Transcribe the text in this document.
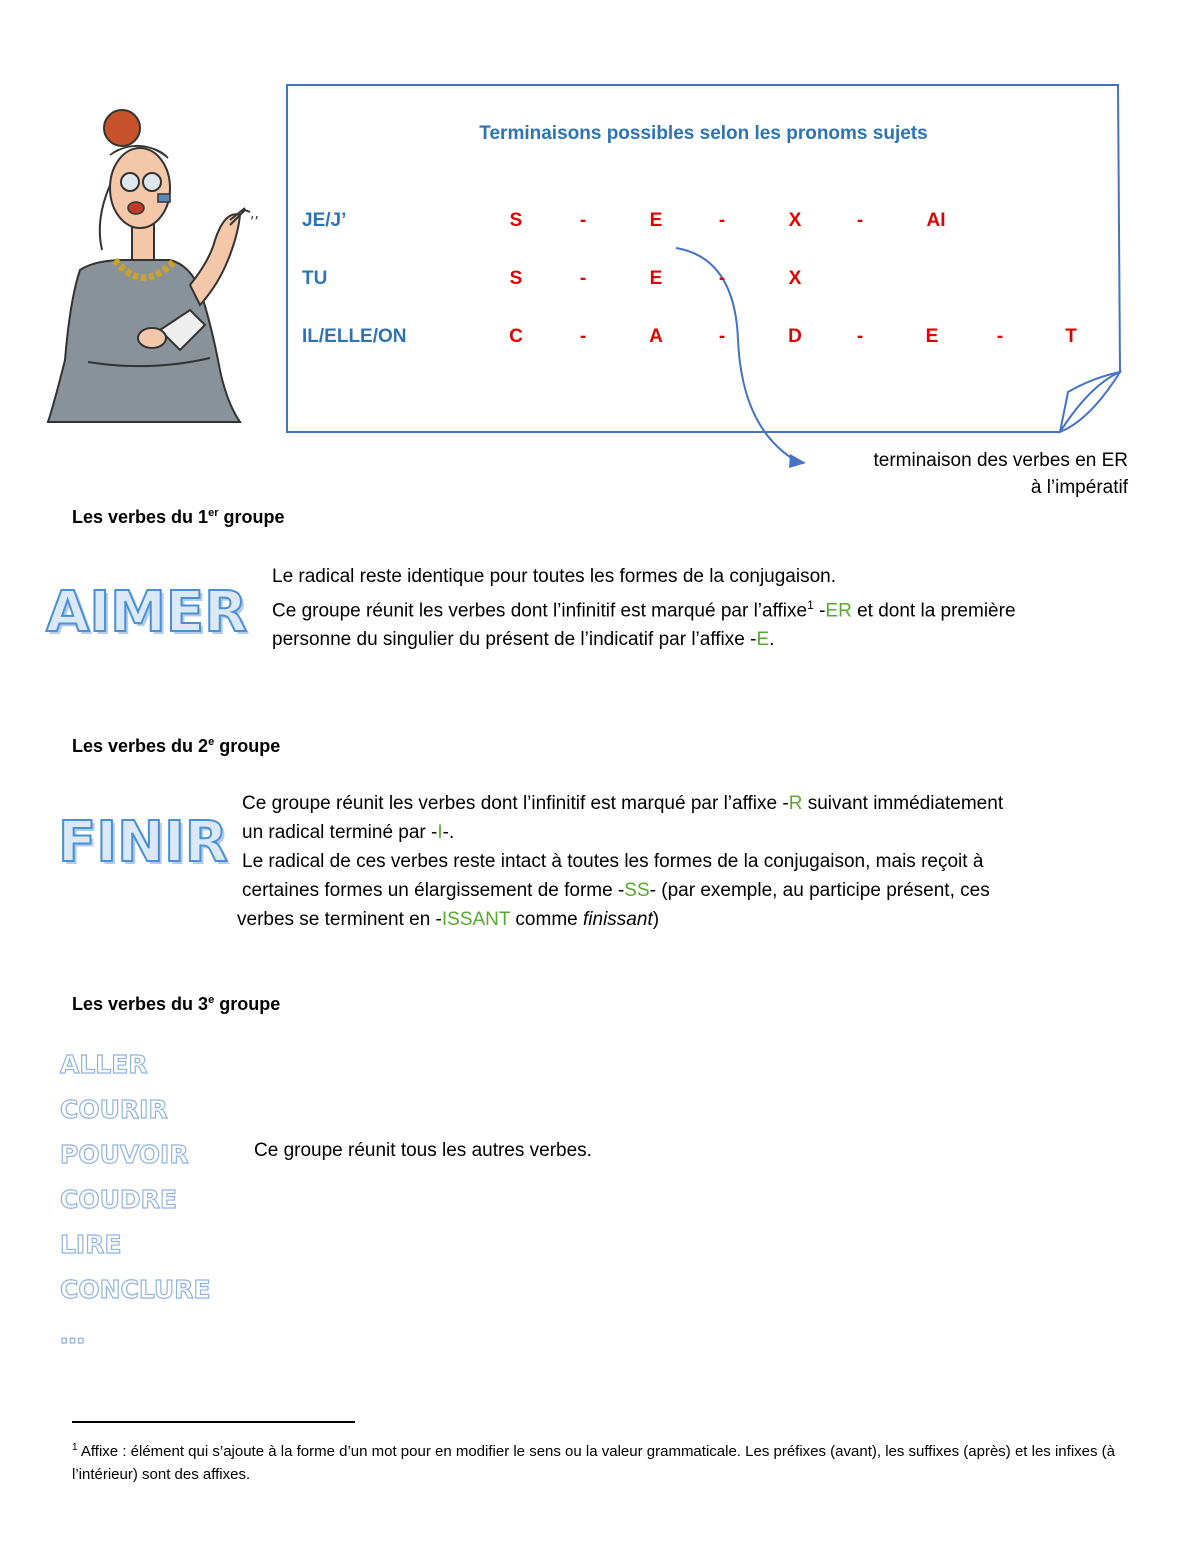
,,
Terminaisons possibles selon les pronoms sujets
JE/J’	S	-	E	-	X	-	AI
TU	S	-	E	-	X
IL/ELLE/ON	C	-	A	-	D	-	E	-	T
terminaison des verbes en ER
à l’impératif
Les verbes du 1er groupe
AIMER
Le radical reste identique pour toutes les formes de la conjugaison.
Ce groupe réunit les verbes dont l’infinitif est marqué par l’affixe$^1$ -ER et dont la première
personne du singulier du présent de l’indicatif par l’affixe -E.
Les verbes du 2e groupe
FINIR
Ce groupe réunit les verbes dont l’infinitif est marqué par l’affixe -R suivant immédiatement
un radical terminé par -I-.
Le radical de ces verbes reste intact à toutes les formes de la conjugaison, mais reçoit à
certaines formes un élargissement de forme -SS- (par exemple, au participe présent, ces
verbes se terminent en -ISSANT comme finissant)
Les verbes du 3e groupe
ALLER
COURIR
POUVOIR
COUDRE
LIRE
CONCLURE
…
Ce groupe réunit tous les autres verbes.
$^1$ Affixe : élément qui s’ajoute à la forme d’un mot pour en modifier le sens ou la valeur grammaticale. Les préfixes (avant), les suffixes (après) et les infixes (à l’intérieur) sont des affixes.
